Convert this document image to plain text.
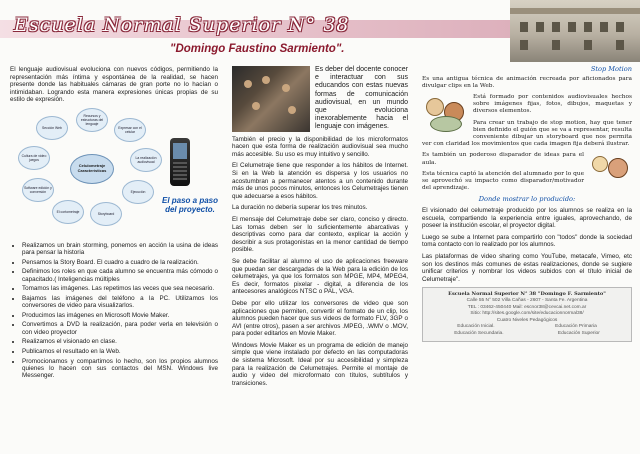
Escuela Normal Superior N° 38
"Domingo Faustino Sarmiento".

El lenguaje audiovisual evoluciona con nuevos códigos, permitiendo la representación más íntima y espontánea de la realidad, se hacen presente donde las habituales cámaras de gran porte no lo hacían o intimidaban. Logrando esta manera expresiones únicas propias de su estilo de expresión.

Celulometraje Características
Recursos y estructuras del lenguaje
Expresar con el celular
La realización audiovisual
Ejecución
Storyboard
El cortometraje
Software edición y conversión
Cultura de video juegos
Sección Web
El paso a paso del proyecto.
• Realizamos un brain storming, ponemos en acción la usina de ideas para pensar la historia
• Pensamos la Story Board. El cuadro a cuadro de la realización.
• Definimos los roles en que cada alumno se encuentra más cómodo o capacitado.( Inteligencias múltiples
• Tomamos las imágenes. Las repetimos las veces que sea necesario.
• Bajamos las imágenes del teléfono a la PC. Utilizamos los conversores de video para visualizarlos.
• Producimos las imágenes en Microsoft Movie Maker.
• Convertimos a DVD la realización, para poder verla en televisión o con video proyector
• Realizamos el visionado en clase.
• Publicamos el resultado en la Web.
• Promocionamos y compartimos lo hecho, son los propios alumnos quienes lo hacen con sus contactos del MSN. Windows live Messenger.

Es deber del docente conocer e interactuar con sus educandos con estas nuevas formas de comunicación audiovisual, en un mundo que evoluciona inexorablemente hacia el lenguaje con imágenes.

También el precio y la disponibilidad de los microformatos hacen que esta forma de realización audiovisual sea mucho más accesible. Su uso es muy intuitivo y sencillo.

El Celumetraje tiene que responder a los hábitos de Internet. Si en la Web la atención es dispersa y los usuarios no acostumbran a permanecer atentos a un contenido durante más de unos pocos minutos, entonces los Celumetrajes tienen que adecuarse a esos hábitos.

La duración no debería superar los tres minutos.

El mensaje del Celumetraje debe ser claro, conciso y directo. Las tomas deben ser lo suficientemente abarcativas y descriptivas como para dar contexto, explicar la acción y describir a sus protagonistas en la menor cantidad de tiempo posible.

Se debe facilitar al alumno el uso de aplicaciones freeware que puedan ser descargadas de la Web para la edición de los celumetrajes, ya que los formatos son MPGE, MP4, MPEG4, Es decir, formatos pixelar - digital, a diferencia de los antecesores analógicos NTSC o PAL, VGA.

Debe por ello utilizar los conversores de video que son aplicaciones que permiten, convertir el formato de un clip, los alumnos pueden hacer que sus videos de formato FLV, 3GP o AVI (entre otros), pasen a ser archivos .MPEG, .WMV o .MOV, para poder editarlos en Movie Maker.

Windows Movie Maker es un programa de edición de manejo simple que viene instalado por defecto en las computadoras de sistema Microsoft. Ideal por su accesibilidad y simpleza para la realización de Celumetrajes. Permite el montaje de audio y video del microformato con títulos, subtítulos y transiciones.

Stop Motion

Es una antigua técnica de animación recreada por aficionados para divulgar clips en la Web.

Está formado por contenidos audiovisuales hechos sobre imágenes fijas, fotos, dibujos, maquetas y diversos elementos.

Para crear un trabajo de stop motion, hay que tener bien definido el guión que se va a representar, resulta conveniente dibujar un storyboard que nos permita ver con claridad los movimientos que cada imagen fija deberá ilustrar.

Es también un poderoso disparador de ideas para el aula.

Esta técnica captó la atención del alumnado por lo que se aprovechó su impacto como disparador/motivador del aprendizaje.

Donde mostrar lo producido:

El visionado del celumetraje producido por los alumnos se realiza en la escuela, compartiendo la experiencia entre iguales, aprovechando, de poseer la institución escolar, el proyector digital.

Luego se sube a Internet para compartirlo con "todos" donde la sociedad toma contacto con lo realizado por los alumnos.

Las plataformas de video sharing como YouTube, metacafe, Vimeo, etc son los destinos más comunes de estas realizaciones, donde se sugiere unificar criterios y nombrar los videos subidos con el título inicial de Celumetraje".

Escuela Normal Superior N° 38 "Domingo F. Sarmiento"
Calle 55 N° 502 Villa Cañas - 2607 - Santa Fe. Argentina
TEL : 03462-450440 Mail: escnor38@cevcai.net.com.ar
Sitio: http://sites.google.com/site/educacionnormal38/
Cuatro Niveles Pedagógicos
Educación Inicial.	Educación Primaria
Educación Secundaria.	Educación Superior
